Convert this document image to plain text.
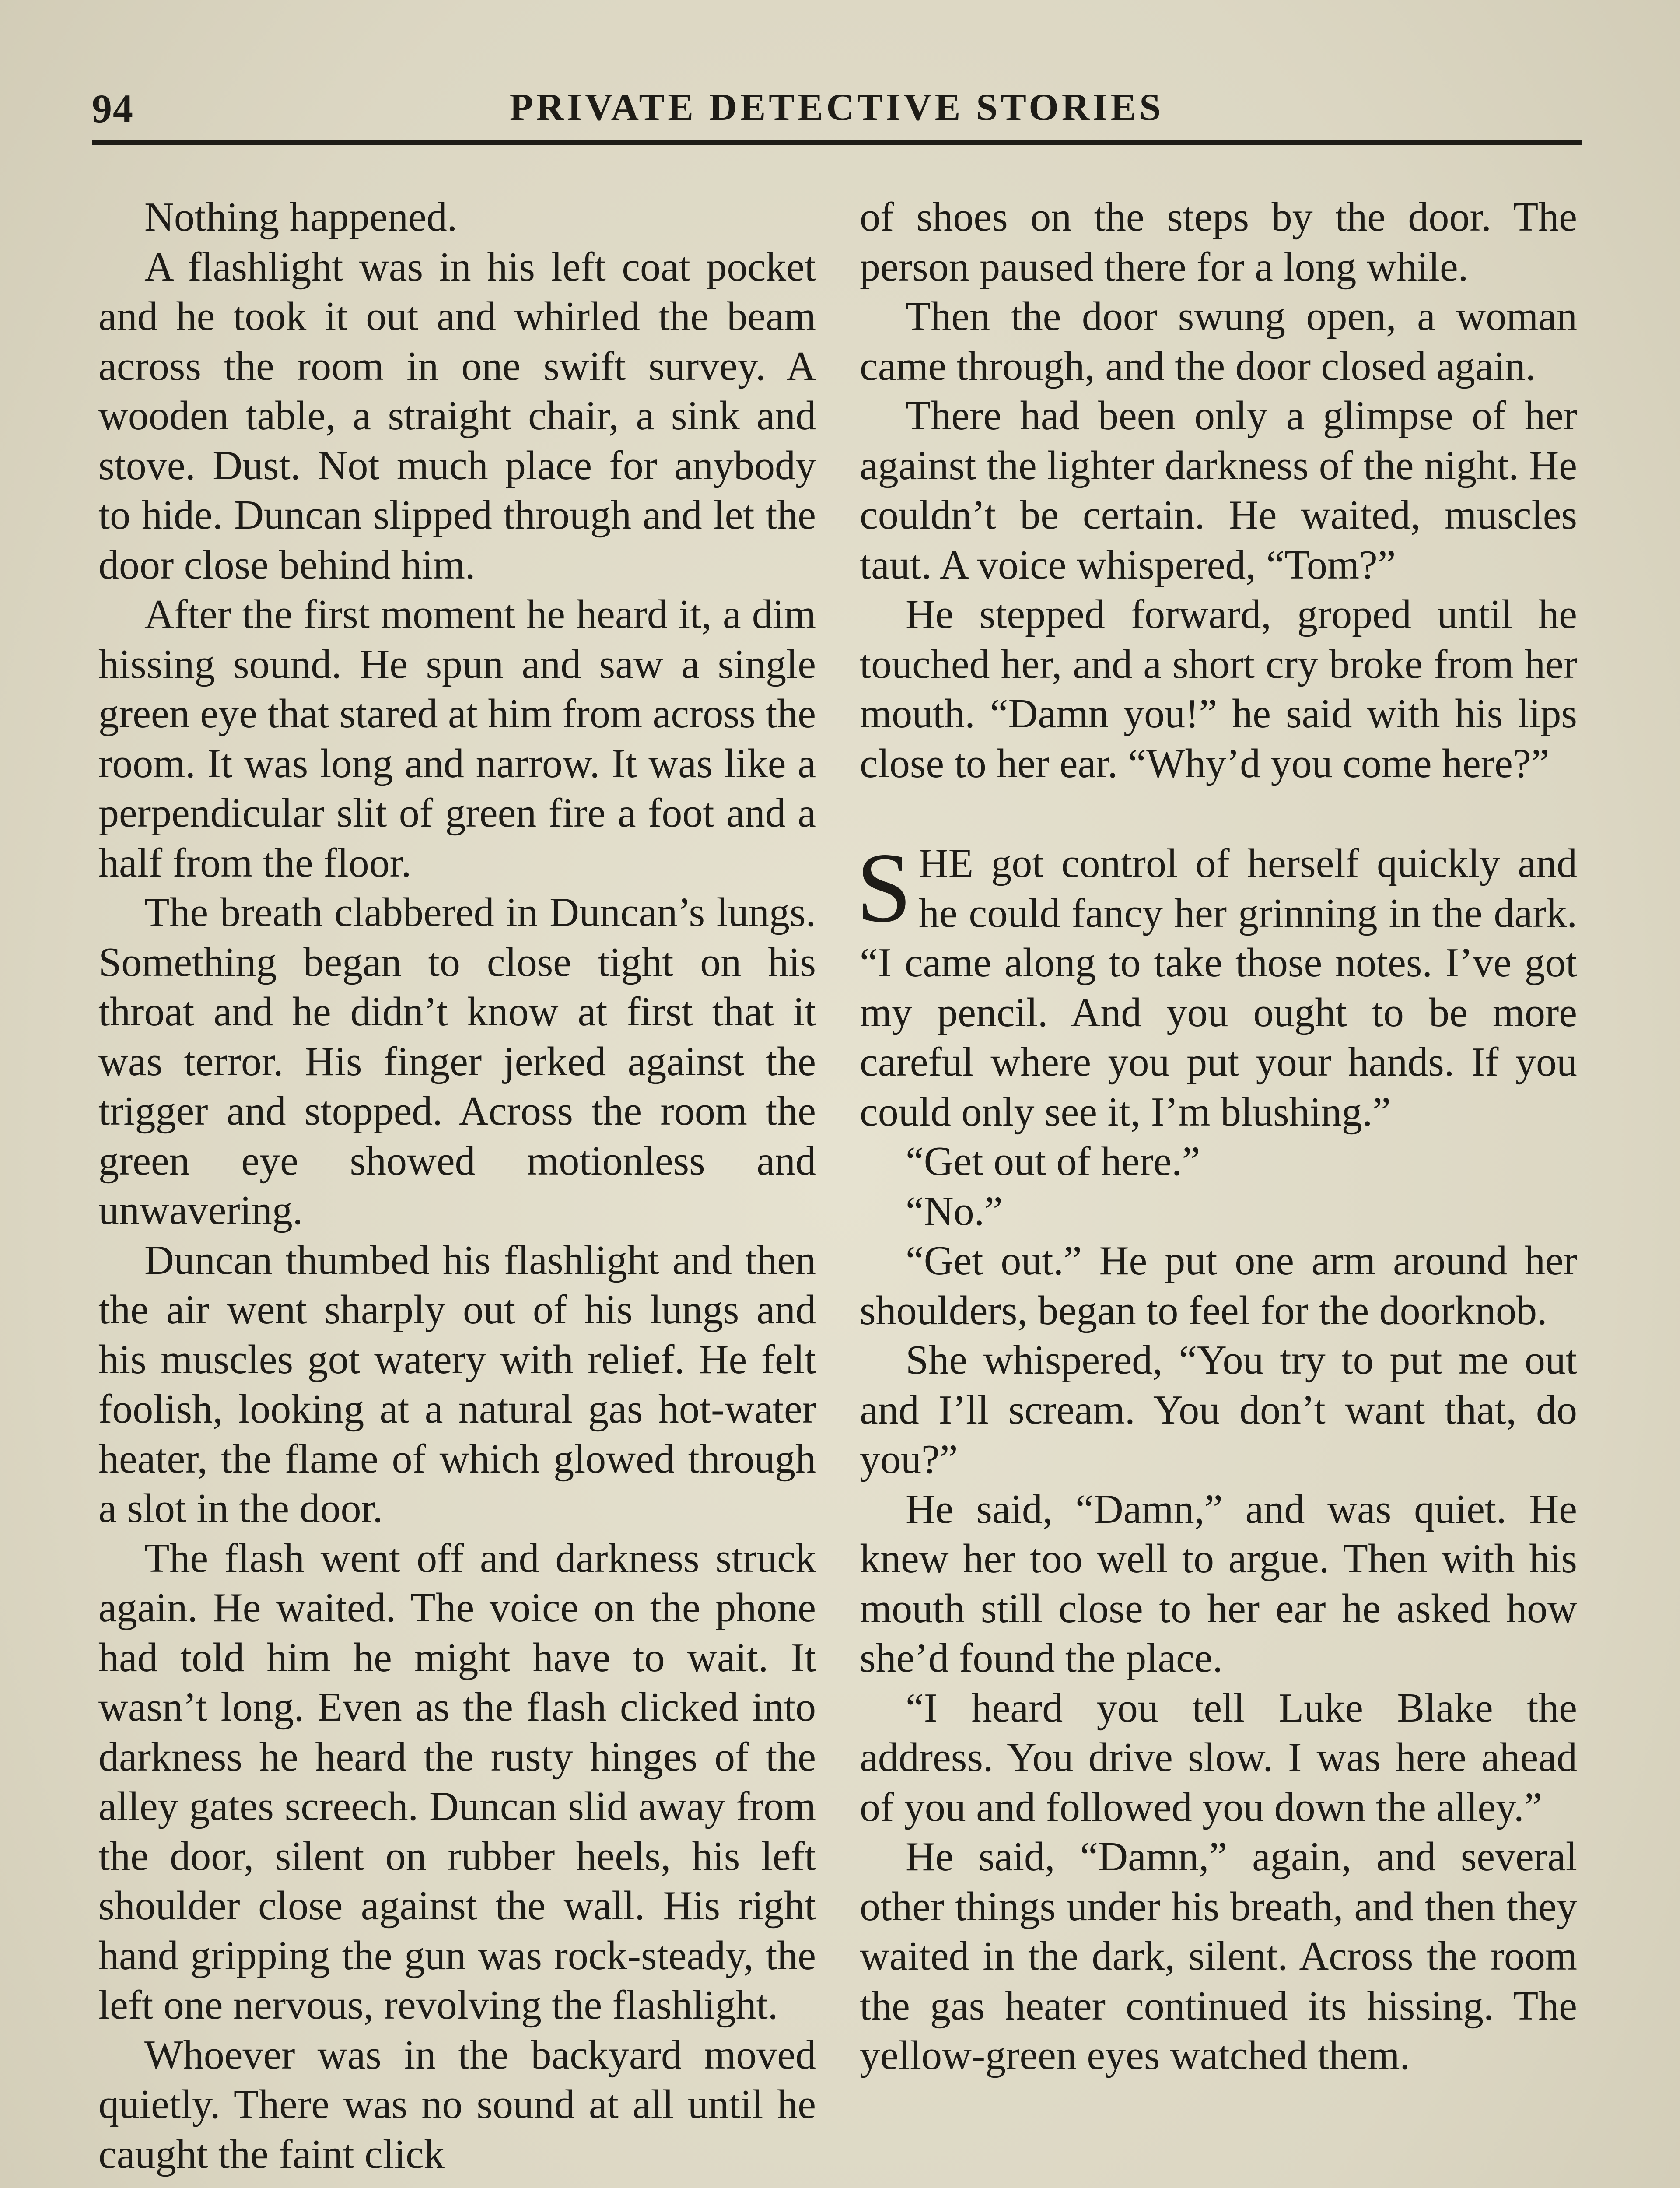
94	PRIVATE DETECTIVE STORIES

Nothing happened.

A flashlight was in his left coat pocket and he took it out and whirled the beam across the room in one swift survey. A wooden table, a straight chair, a sink and stove. Dust. Not much place for anybody to hide. Duncan slipped through and let the door close behind him.

After the first moment he heard it, a dim hissing sound. He spun and saw a single green eye that stared at him from across the room. It was long and narrow. It was like a perpendicular slit of green fire a foot and a half from the floor.

The breath clabbered in Duncan’s lungs. Something began to close tight on his throat and he didn’t know at first that it was terror. His finger jerked against the trigger and stopped. Across the room the green eye showed motionless and unwavering.

Duncan thumbed his flashlight and then the air went sharply out of his lungs and his muscles got watery with relief. He felt foolish, looking at a natural gas hot-water heater, the flame of which glowed through a slot in the door.

The flash went off and darkness struck again. He waited. The voice on the phone had told him he might have to wait. It wasn’t long. Even as the flash clicked into darkness he heard the rusty hinges of the alley gates screech. Duncan slid away from the door, silent on rubber heels, his left shoulder close against the wall. His right hand gripping the gun was rock-steady, the left one nervous, revolving the flashlight.

Whoever was in the backyard moved quietly. There was no sound at all until he caught the faint click

of shoes on the steps by the door. The person paused there for a long while.

Then the door swung open, a woman came through, and the door closed again.

There had been only a glimpse of her against the lighter darkness of the night. He couldn’t be certain. He waited, muscles taut. A voice whispered, “Tom?”

He stepped forward, groped until he touched her, and a short cry broke from her mouth. “Damn you!” he said with his lips close to her ear. “Why’d you come here?”

SHE got control of herself quickly and he could fancy her grinning in the dark. “I came along to take those notes. I’ve got my pencil. And you ought to be more careful where you put your hands. If you could only see it, I’m blushing.”

“Get out of here.”

“No.”

“Get out.” He put one arm around her shoulders, began to feel for the doorknob.

She whispered, “You try to put me out and I’ll scream. You don’t want that, do you?”

He said, “Damn,” and was quiet. He knew her too well to argue. Then with his mouth still close to her ear he asked how she’d found the place.

“I heard you tell Luke Blake the address. You drive slow. I was here ahead of you and followed you down the alley.”

He said, “Damn,” again, and several other things under his breath, and then they waited in the dark, silent. Across the room the gas heater continued its hissing. The yellow-green eyes watched them.
